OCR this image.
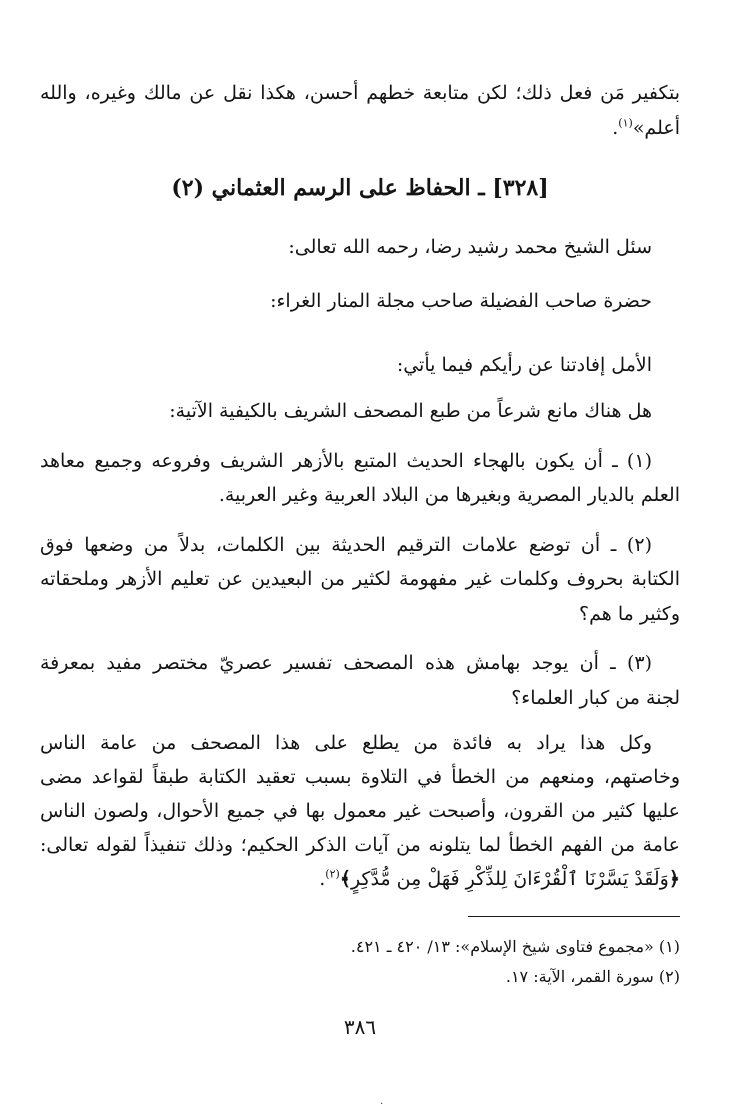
بتكفير مَن فعل ذلك؛ لكن متابعة خطهم أحسن، هكذا نقل عن مالك وغيره، والله
أعلم»$^{(١)}$.
[٣٢٨] ـ الحفاظ على الرسم العثماني (٢)
سئل الشيخ محمد رشيد رضا، رحمه الله تعالى:
حضرة صاحب الفضيلة صاحب مجلة المنار الغراء:
الأمل إفادتنا عن رأيكم فيما يأتي:
هل هناك مانع شرعاً من طبع المصحف الشريف بالكيفية الآتية:
(١) ـ أن يكون بالهجاء الحديث المتبع بالأزهر الشريف وفروعه وجميع معاهد
العلم بالديار المصرية وبغيرها من البلاد العربية وغير العربية.
(٢) ـ أن توضع علامات الترقيم الحديثة بين الكلمات، بدلاً من وضعها فوق
الكتابة بحروف وكلمات غير مفهومة لكثير من البعيدين عن تعليم الأزهر وملحقاته
وكثير ما هم؟
(٣) ـ أن يوجد بهامش هذه المصحف تفسير عصريّ مختصر مفيد بمعرفة
لجنة من كبار العلماء؟
وكل هذا يراد به فائدة من يطلع على هذا المصحف من عامة الناس
وخاصتهم، ومنعهم من الخطأ في التلاوة بسبب تعقيد الكتابة طبقاً لقواعد مضى
عليها كثير من القرون، وأصبحت غير معمول بها في جميع الأحوال، ولصون الناس
عامة من الفهم الخطأ لما يتلونه من آيات الذكر الحكيم؛ وذلك تنفيذاً لقوله تعالى:
﴿وَلَقَدْ يَسَّرْنَا ٱلْقُرْءَانَ لِلذِّكْرِ فَهَلْ مِن مُّدَّكِرٍ﴾$^{(٢)}$.
(١) «مجموع فتاوى شيخ الإسلام»: ١٣/ ٤٢٠ ـ ٤٢١.
(٢) سورة القمر، الآية: ١٧.
٣٨٦
·
